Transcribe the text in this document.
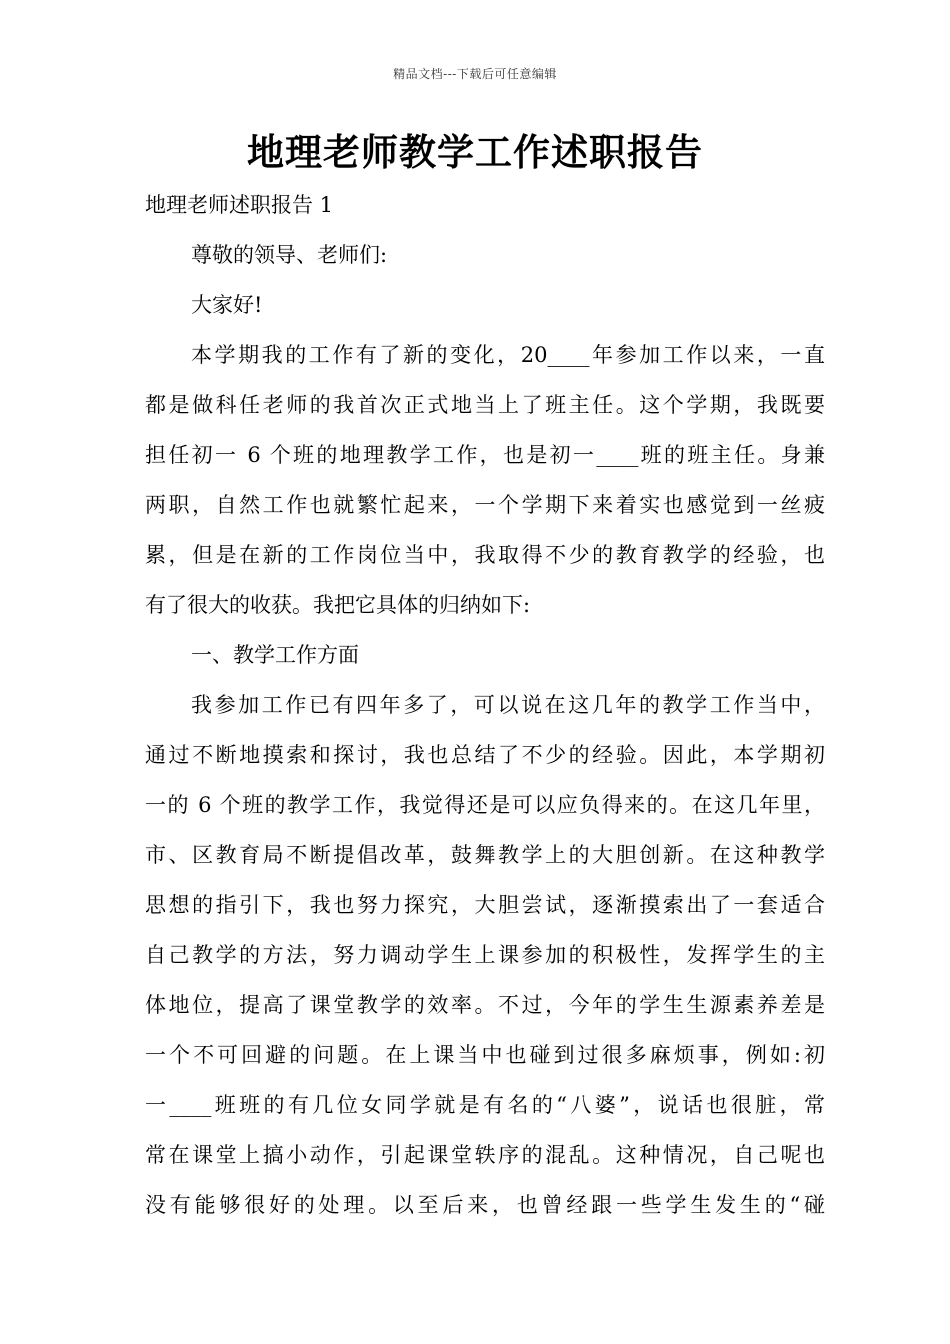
精品文档---下载后可任意编辑
地理老师教学工作述职报告
地理老师述职报告 1
尊敬的领导、老师们:
大家好!
本学期我的工作有了新的变化，20____年参加工作以来，一直
都是做科任老师的我首次正式地当上了班主任。这个学期，我既要
担任初一 6 个班的地理教学工作，也是初一____班的班主任。身兼
两职，自然工作也就繁忙起来，一个学期下来着实也感觉到一丝疲
累，但是在新的工作岗位当中，我取得不少的教育教学的经验，也
有了很大的收获。我把它具体的归纳如下:
一、教学工作方面
我参加工作已有四年多了，可以说在这几年的教学工作当中，
通过不断地摸索和探讨，我也总结了不少的经验。因此，本学期初
一的 6 个班的教学工作，我觉得还是可以应负得来的。在这几年里，
市、区教育局不断提倡改革，鼓舞教学上的大胆创新。在这种教学
思想的指引下，我也努力探究，大胆尝试，逐渐摸索出了一套适合
自己教学的方法，努力调动学生上课参加的积极性，发挥学生的主
体地位，提高了课堂教学的效率。不过，今年的学生生源素养差是
一个不可回避的问题。在上课当中也碰到过很多麻烦事，例如:初
一____班班的有几位女同学就是有名的“八婆”，说话也很脏，常
常在课堂上搞小动作，引起课堂轶序的混乱。这种情况，自己呢也
没有能够很好的处理。以至后来，也曾经跟一些学生发生的“碰
